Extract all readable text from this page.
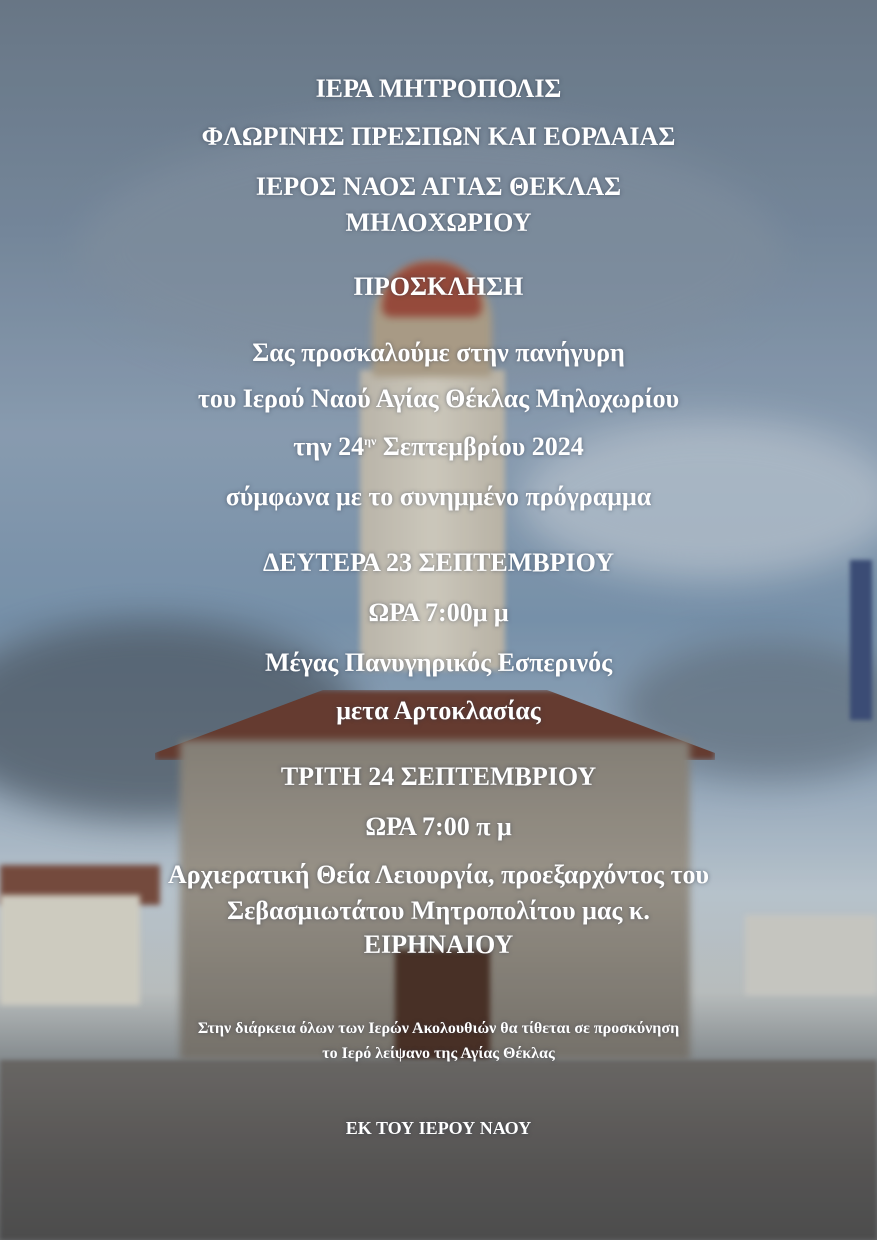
ΙΕΡΑ ΜΗΤΡΟΠΟΛΙΣ
ΦΛΩΡΙΝΗΣ ΠΡΕΣΠΩΝ ΚΑΙ ΕΟΡΔΑΙΑΣ
ΙΕΡΟΣ ΝΑΟΣ ΑΓΙΑΣ ΘΕΚΛΑΣ
ΜΗΛΟΧΩΡΙΟΥ
ΠΡΟΣΚΛΗΣΗ
Σας προσκαλούμε στην πανήγυρη
του Ιερού Ναού Αγίας Θέκλας Μηλοχωρίου
την $24^{\eta\nu}$ Σεπτεμβρίου 2024
σύμφωνα με το συνημμένο πρόγραμμα
ΔΕΥΤΕΡΑ 23 ΣΕΠΤΕΜΒΡΙΟΥ
ΩΡΑ 7:00μ μ
Μέγας Πανυγηρικός Εσπερινός
μετα Αρτοκλασίας
ΤΡΙΤΗ 24 ΣΕΠΤΕΜΒΡΙΟΥ
ΩΡΑ 7:00 π μ
Αρχιερατική Θεία Λειουργία, προεξαρχόντος του
Σεβασμιωτάτου Μητροπολίτου μας κ.
ΕΙΡΗΝΑΙΟΥ
Στην διάρκεια όλων των Ιερών Ακολουθιών θα τίθεται σε προσκύνηση
το Ιερό λείψανο της Αγίας Θέκλας
ΕΚ ΤΟΥ ΙΕΡΟΥ ΝΑΟΥ
